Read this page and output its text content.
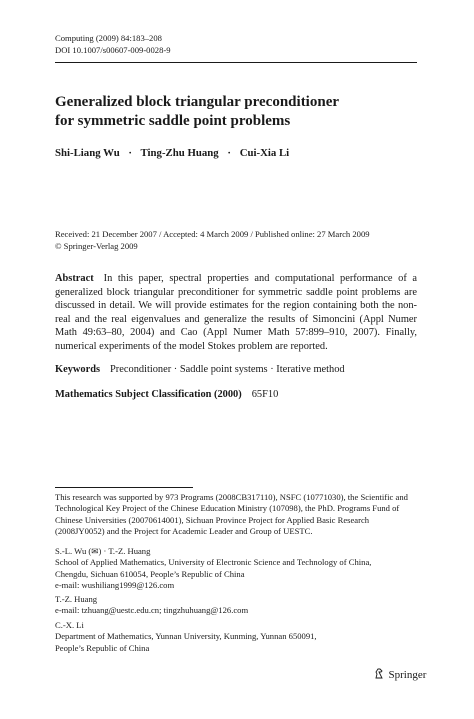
Computing (2009) 84:183–208
DOI 10.1007/s00607-009-0028-9
Generalized block triangular preconditioner
for symmetric saddle point problems
Shi-Liang Wu · Ting-Zhu Huang · Cui-Xia Li
Received: 21 December 2007 / Accepted: 4 March 2009 / Published online: 27 March 2009
© Springer-Verlag 2009
Abstract In this paper, spectral properties and computational performance of a generalized block triangular preconditioner for symmetric saddle point problems are discussed in detail. We will provide estimates for the region containing both the non-real and the real eigenvalues and generalize the results of Simoncini (Appl Numer Math 49:63–80, 2004) and Cao (Appl Numer Math 57:899–910, 2007). Finally, numerical experiments of the model Stokes problem are reported.
Keywords Preconditioner · Saddle point systems · Iterative method
Mathematics Subject Classification (2000) 65F10
This research was supported by 973 Programs (2008CB317110), NSFC (10771030), the Scientific and Technological Key Project of the Chinese Education Ministry (107098), the PhD. Programs Fund of Chinese Universities (20070614001), Sichuan Province Project for Applied Basic Research (2008JY0052) and the Project for Academic Leader and Group of UESTC.
S.-L. Wu (✉) · T.-Z. Huang
School of Applied Mathematics, University of Electronic Science and Technology of China,
Chengdu, Sichuan 610054, People’s Republic of China
e-mail: wushiliang1999@126.com
T.-Z. Huang
e-mail: tzhuang@uestc.edu.cn; tingzhuhuang@126.com
C.-X. Li
Department of Mathematics, Yunnan University, Kunming, Yunnan 650091,
People’s Republic of China
Springer
